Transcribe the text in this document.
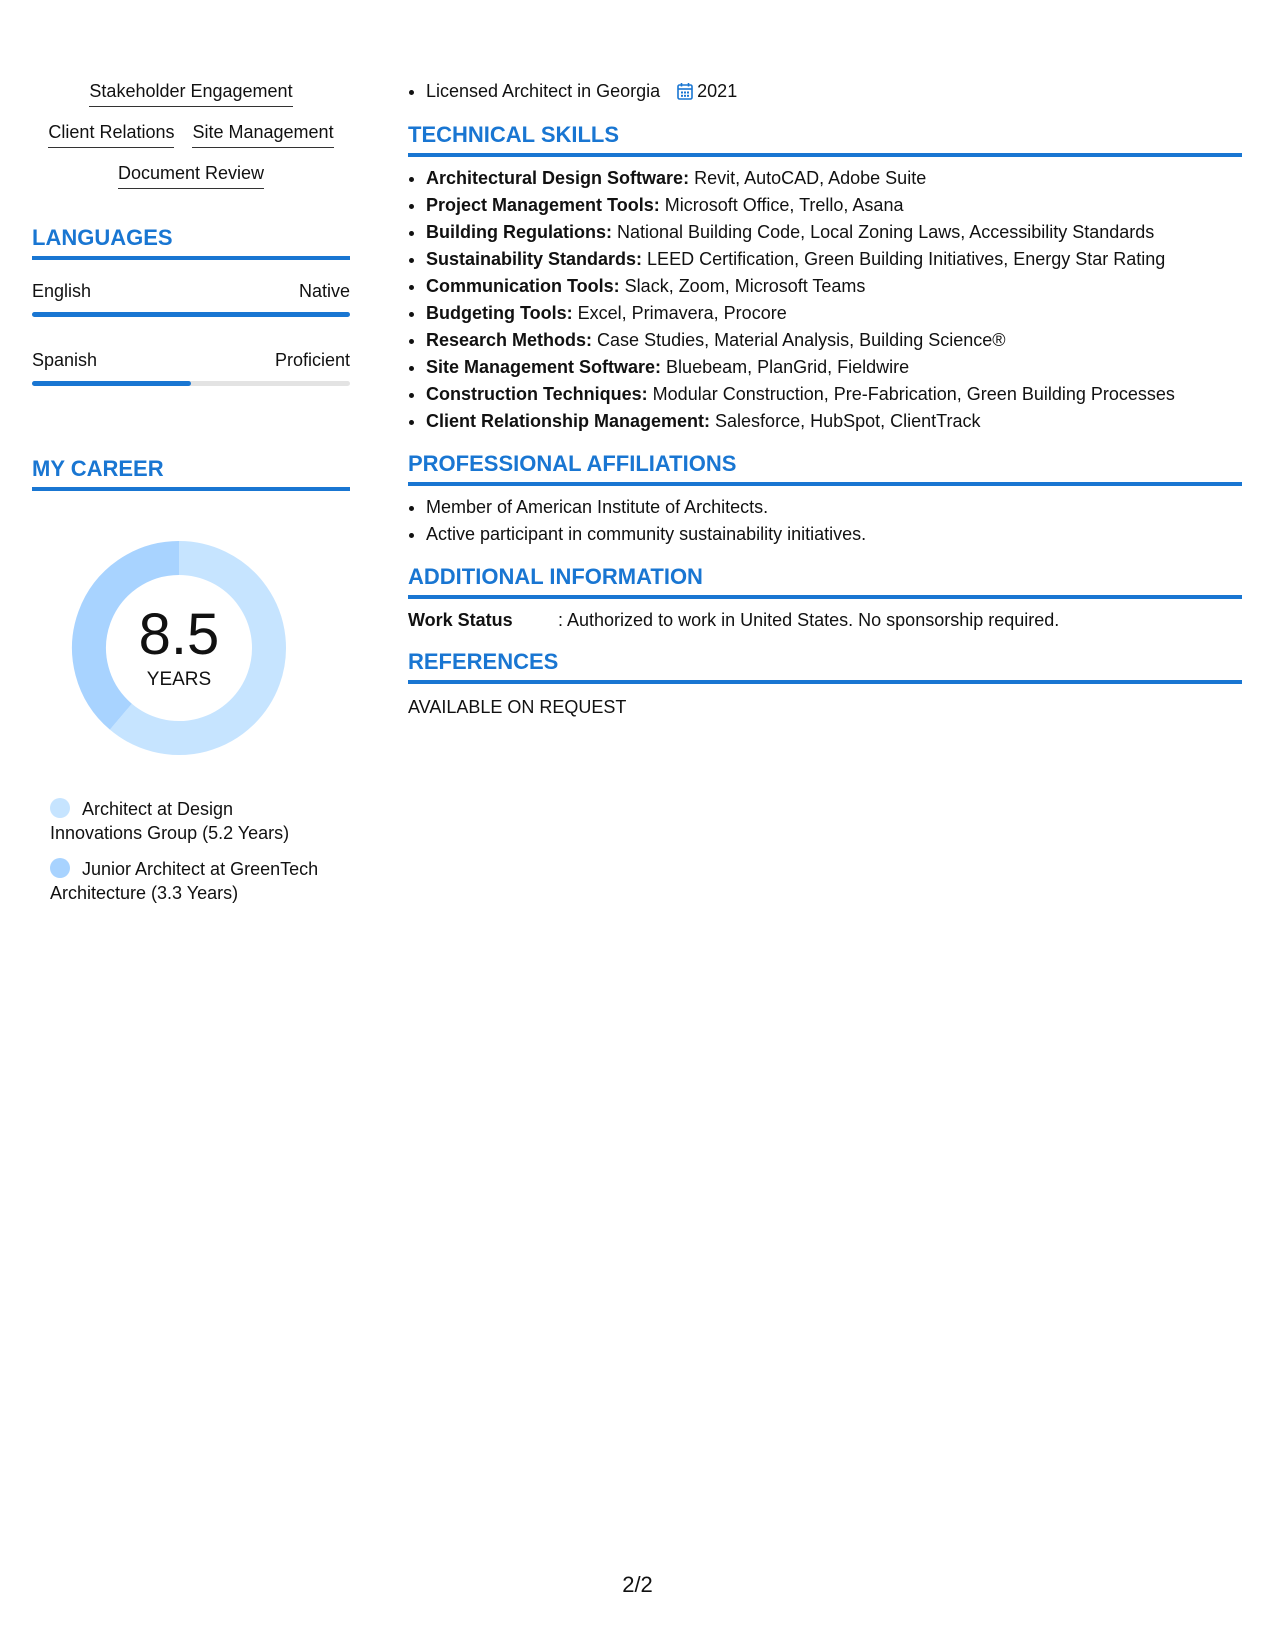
Stakeholder Engagement
Client Relations Site Management
Document Review
LANGUAGES
English	Native
Spanish	Proficient
MY CAREER
8.5
YEARS
Architect at Design Innovations Group (5.2 Years)
Junior Architect at GreenTech Architecture (3.3 Years)
• Licensed Architect in Georgia 2021
TECHNICAL SKILLS
• Architectural Design Software: Revit, AutoCAD, Adobe Suite
• Project Management Tools: Microsoft Office, Trello, Asana
• Building Regulations: National Building Code, Local Zoning Laws, Accessibility Standards
• Sustainability Standards: LEED Certification, Green Building Initiatives, Energy Star Rating
• Communication Tools: Slack, Zoom, Microsoft Teams
• Budgeting Tools: Excel, Primavera, Procore
• Research Methods: Case Studies, Material Analysis, Building Science®
• Site Management Software: Bluebeam, PlanGrid, Fieldwire
• Construction Techniques: Modular Construction, Pre-Fabrication, Green Building Processes
• Client Relationship Management: Salesforce, HubSpot, ClientTrack
PROFESSIONAL AFFILIATIONS
• Member of American Institute of Architects.
• Active participant in community sustainability initiatives.
ADDITIONAL INFORMATION
Work Status	: Authorized to work in United States. No sponsorship required.
REFERENCES
AVAILABLE ON REQUEST
2/2
